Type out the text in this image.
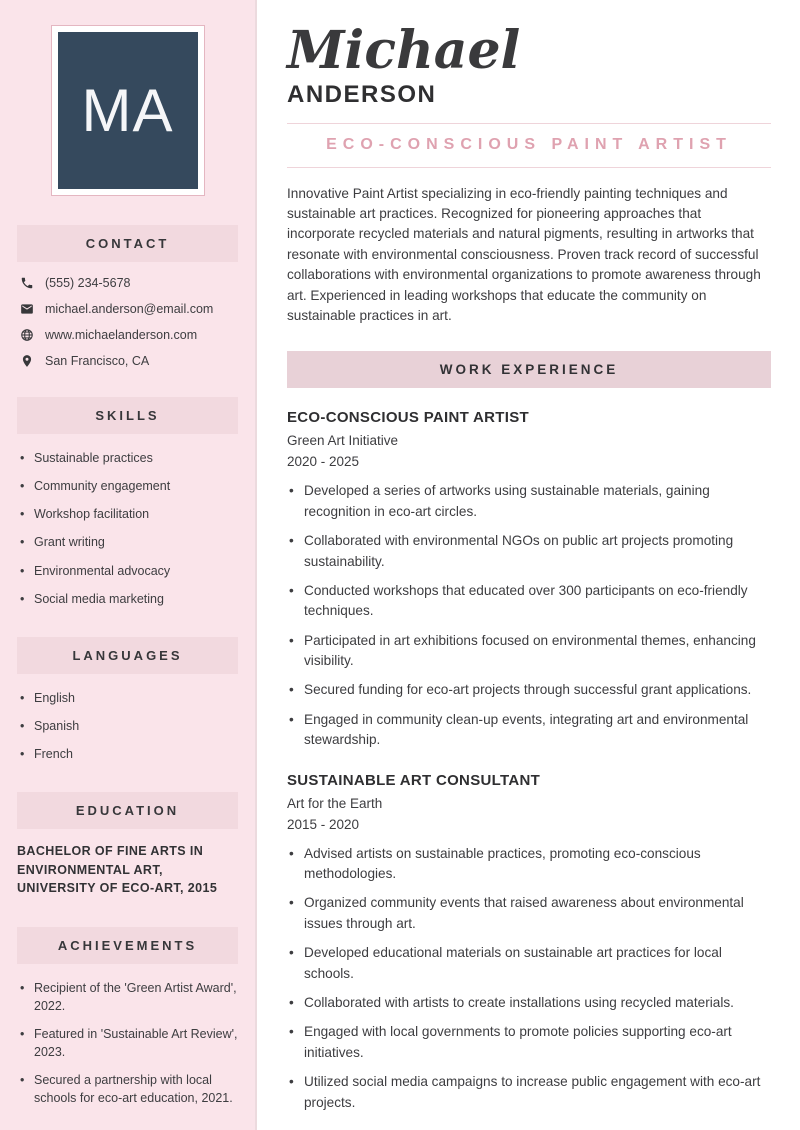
MA
CONTACT
(555) 234-5678
michael.anderson@email.com
www.michaelanderson.com
San Francisco, CA
SKILLS
• Sustainable practices
• Community engagement
• Workshop facilitation
• Grant writing
• Environmental advocacy
• Social media marketing
LANGUAGES
• English
• Spanish
• French
EDUCATION
BACHELOR OF FINE ARTS IN ENVIRONMENTAL ART, UNIVERSITY OF ECO-ART, 2015
ACHIEVEMENTS
• Recipient of the 'Green Artist Award', 2022.
• Featured in 'Sustainable Art Review', 2023.
• Secured a partnership with local schools for eco-art education, 2021.
Michael
ANDERSON
ECO-CONSCIOUS PAINT ARTIST

Innovative Paint Artist specializing in eco-friendly painting techniques and sustainable art practices. Recognized for pioneering approaches that incorporate recycled materials and natural pigments, resulting in artworks that resonate with environmental consciousness. Proven track record of successful collaborations with environmental organizations to promote awareness through art. Experienced in leading workshops that educate the community on sustainable practices in art.

WORK EXPERIENCE
ECO-CONSCIOUS PAINT ARTIST
Green Art Initiative
2020 - 2025
• Developed a series of artworks using sustainable materials, gaining recognition in eco-art circles.
• Collaborated with environmental NGOs on public art projects promoting sustainability.
• Conducted workshops that educated over 300 participants on eco-friendly techniques.
• Participated in art exhibitions focused on environmental themes, enhancing visibility.
• Secured funding for eco-art projects through successful grant applications.
• Engaged in community clean-up events, integrating art and environmental stewardship.
SUSTAINABLE ART CONSULTANT
Art for the Earth
2015 - 2020
• Advised artists on sustainable practices, promoting eco-conscious methodologies.
• Organized community events that raised awareness about environmental issues through art.
• Developed educational materials on sustainable art practices for local schools.
• Collaborated with artists to create installations using recycled materials.
• Engaged with local governments to promote policies supporting eco-art initiatives.
• Utilized social media campaigns to increase public engagement with eco-art projects.
